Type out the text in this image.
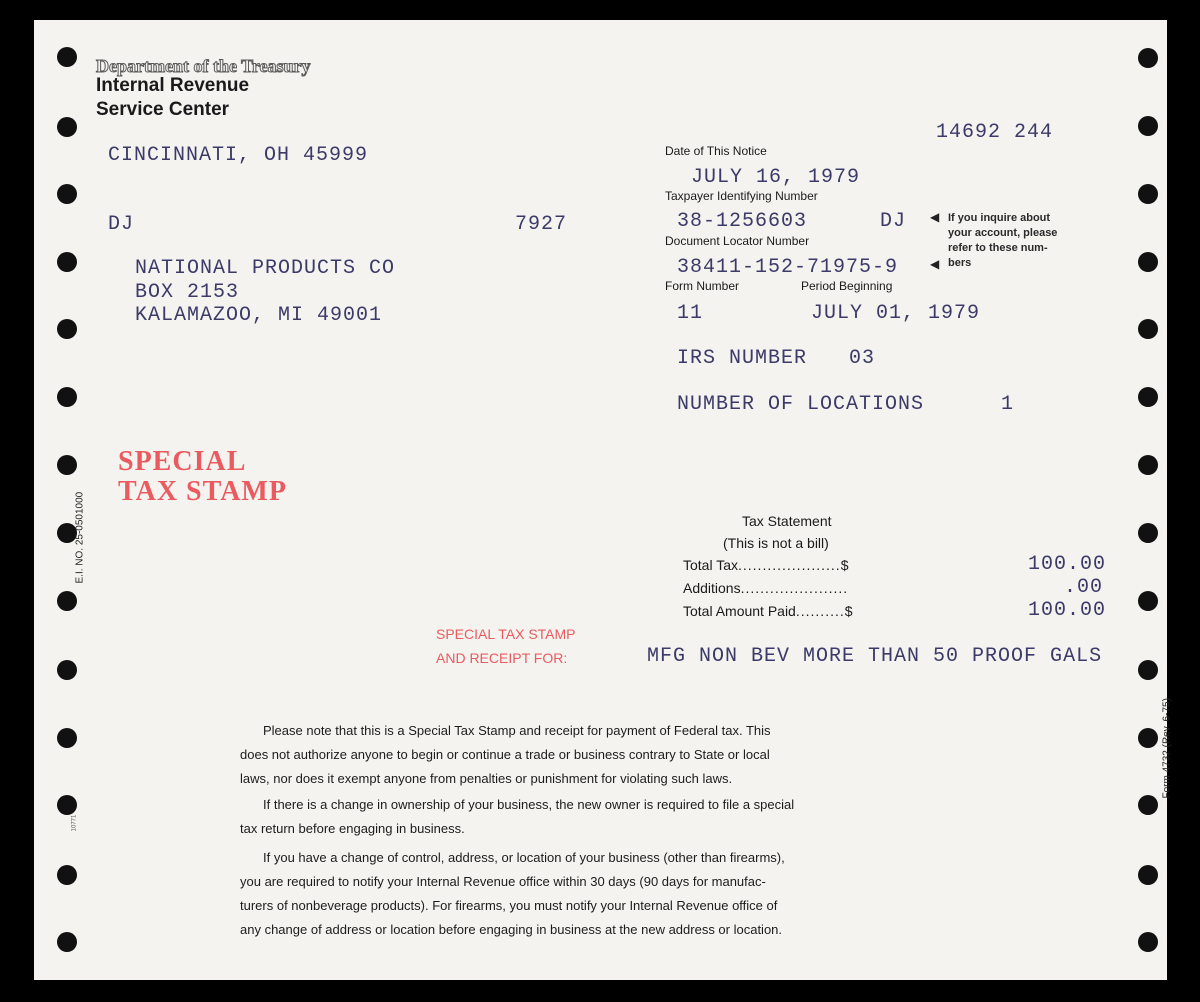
Department of the Treasury
Internal Revenue
Service Center
CINCINNATI, OH 45999
14692 244
Date of This Notice
JULY 16, 1979
Taxpayer Identifying Number
38-1256603	DJ
Document Locator Number
38411-152-71975-9
Form Number	Period Beginning
11	JULY 01, 1979
IRS NUMBER 03
NUMBER OF LOCATIONS	1
◀
◀
If you inquire about
your account, please
refer to these num-
bers
DJ	7927
NATIONAL PRODUCTS CO
BOX 2153
KALAMAZOO, MI 49001
SPECIAL
TAX STAMP
Tax Statement
(This is not a bill)
Total Tax.....................$	100.00
Additions......................	.00
Total Amount Paid..........$	100.00
SPECIAL TAX STAMP
AND RECEIPT FOR:	MFG NON BEV MORE THAN 50 PROOF GALS
Please note that this is a Special Tax Stamp and receipt for payment of Federal tax. This
does not authorize anyone to begin or continue a trade or business contrary to State or local
laws, nor does it exempt anyone from penalties or punishment for violating such laws.
If there is a change in ownership of your business, the new owner is required to file a special
tax return before engaging in business.
If you have a change of control, address, or location of your business (other than firearms),
you are required to notify your Internal Revenue office within 30 days (90 days for manufac-
turers of nonbeverage products). For firearms, you must notify your Internal Revenue office of
any change of address or location before engaging in business at the new address or location.
E.I. NO. 25-0501000
Form 4732 (Rev. 6-75)
10771
